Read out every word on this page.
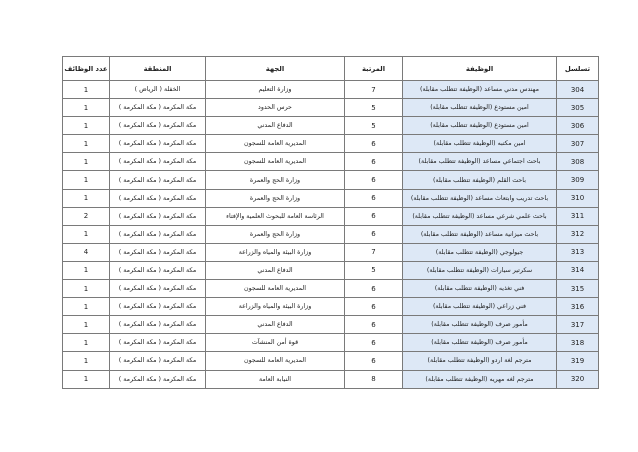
تسلسل	الوظيفة	المرتبة	الجهة	المنطقة	عدد الوظائف
304	مهندس مدني مساعد (الوظيفة تتطلب مقابلة)	7	وزارة التعليم	الخفلة ( الرياض )	1
305	امين مستودع (الوظيفة تتطلب مقابلة)	5	حرس الحدود	مكة المكرمة ( مكة المكرمة )	1
306	امين مستودع (الوظيفة تتطلب مقابلة)	5	الدفاع المدني	مكة المكرمة ( مكة المكرمة )	1
307	امين مكتبه (الوظيفة تتطلب مقابلة)	6	المديرية العامة للسجون	مكة المكرمة ( مكة المكرمة )	1
308	باحث اجتماعي مساعد (الوظيفة تتطلب مقابلة)	6	المديرية العامة للسجون	مكة المكرمة ( مكة المكرمة )	1
309	باحث القلم (الوظيفة تتطلب مقابلة)	6	وزارة الحج والعمرة	مكة المكرمة ( مكة المكرمة )	1
310	باحث تدريب وابتعاث مساعد (الوظيفة تتطلب مقابلة)	6	وزارة الحج والعمرة	مكة المكرمة ( مكة المكرمة )	1
311	باحث علمي شرعي مساعد (الوظيفة تتطلب مقابلة)	6	الرئاسة العامة للبحوث العلمية والإفتاء	مكة المكرمة ( مكة المكرمة )	2
312	باحث ميزانية مساعد (الوظيفة تتطلب مقابلة)	6	وزارة الحج والعمرة	مكة المكرمة ( مكة المكرمة )	1
313	جيولوجي (الوظيفة تتطلب مقابلة)	7	وزارة البيئة والمياه والزراعة	مكة المكرمة ( مكة المكرمة )	4
314	سكرتير سيارات (الوظيفة تتطلب مقابلة)	5	الدفاع المدني	مكة المكرمة ( مكة المكرمة )	1
315	فني تغذيه (الوظيفة تتطلب مقابلة)	6	المديرية العامة للسجون	مكة المكرمة ( مكة المكرمة )	1
316	فني زراعي (الوظيفة تتطلب مقابلة)	6	وزارة البيئة والمياه والزراعة	مكة المكرمة ( مكة المكرمة )	1
317	مأمور صرف (الوظيفة تتطلب مقابلة)	6	الدفاع المدني	مكة المكرمة ( مكة المكرمة )	1
318	مأمور صرف (الوظيفة تتطلب مقابلة)	6	قوة أمن المنشآت	مكة المكرمة ( مكة المكرمة )	1
319	مترجم لغة اردو (الوظيفة تتطلب مقابلة)	6	المديرية العامة للسجون	مكة المكرمة ( مكة المكرمة )	1
320	مترجم لغه مهريه (الوظيفة تتطلب مقابلة)	8	النيابة العامة	مكة المكرمة ( مكة المكرمة )	1
